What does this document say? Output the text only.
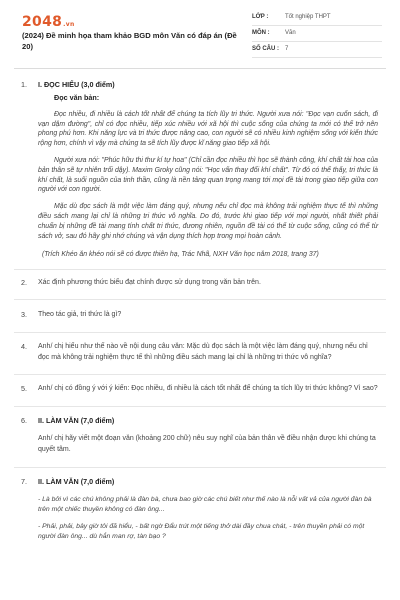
2048.vn
(2024) Đề minh họa tham khảo BGD môn Văn có đáp án (Đề 20)
LỚP :	Tốt nghiệp THPT
MÔN :	Văn
SỐ CÂU :	7
1. I. ĐỌC HIỂU (3,0 điểm)
Đọc văn bản:
Đọc nhiều, đi nhiều là cách tốt nhất để chúng ta tích lũy tri thức. Người xưa nói: "Đọc vạn cuốn sách, đi vạn dặm đường", chỉ có đọc nhiều, tiếp xúc nhiều với xã hội thì cuộc sống của chúng ta mới có thể trở nên phong phú hơn. Khi năng lực và tri thức được nâng cao, con người sẽ có nhiều kinh nghiệm sống với kiến thức rộng hơn, chính vì vậy mà chúng ta sẽ tích lũy được kĩ năng giao tiếp xã hội.
Người xưa nói: "Phúc hữu thi thư kí tự hoa" (Chỉ cần đọc nhiều thì học sẽ thành công, khí chất tài hoa của bản thân sẽ tự nhiên trổi dậy). Maxim Groky cũng nói: "Học vấn thay đổi khí chất". Từ đó có thể thấy, tri thức là khí chất, là suối nguồn của tinh thần, cũng là nền tảng quan trọng mang tới mọi đề tài trong giao tiếp giữa con người với con người.
Mặc dù đọc sách là một việc làm đáng quý, nhưng nếu chỉ đọc mà không trải nghiệm thực tế thì những điều sách mang lại chỉ là những tri thức vô nghĩa. Do đó, trước khi giao tiếp với mọi người, nhất thiết phải chuẩn bị những đề tài mang tính chất tri thức, đương nhiên, nguồn đề tài có thể từ cuộc sống, cũng có thể từ sách vở, sau đó hãy ghi nhớ chúng và vận dụng thích hợp trong mọi hoàn cảnh.
(Trích Khéo ăn khéo nói sẽ có được thiên hạ, Trác Nhã, NXH Văn học năm 2018, trang 37)
2. Xác định phương thức biểu đạt chính được sử dụng trong văn bản trên.
3. Theo tác giả, tri thức là gì?
4. Anh/ chị hiểu như thế nào về nội dung câu văn: Mặc dù đọc sách là một việc làm đáng quý, nhưng nếu chỉ đọc mà không trải nghiệm thực tế thì những điều sách mang lại chỉ là những tri thức vô nghĩa?
5. Anh/ chị có đồng ý với ý kiến: Đọc nhiều, đi nhiều là cách tốt nhất để chúng ta tích lũy tri thức không? Vì sao?
6. II. LÀM VĂN (7,0 điểm)
Anh/ chị hãy viết một đoạn văn (khoảng 200 chữ) nêu suy nghĩ của bản thân về điều nhận được khi chúng ta quyết tâm.
7. II. LÀM VĂN (7,0 điểm)
- Là bởi vì các chú không phải là đàn bà, chưa bao giờ các chú biết như thế nào là nỗi vất vả của người đàn bà trên một chiếc thuyền không có đàn ông...
- Phải, phải, bây giờ tôi đã hiểu, - bất ngờ Đẩu trút một tiếng thở dài đầy chua chát, - trên thuyền phải có một người đàn ông... dù hắn man rợ, tàn bạo ?
